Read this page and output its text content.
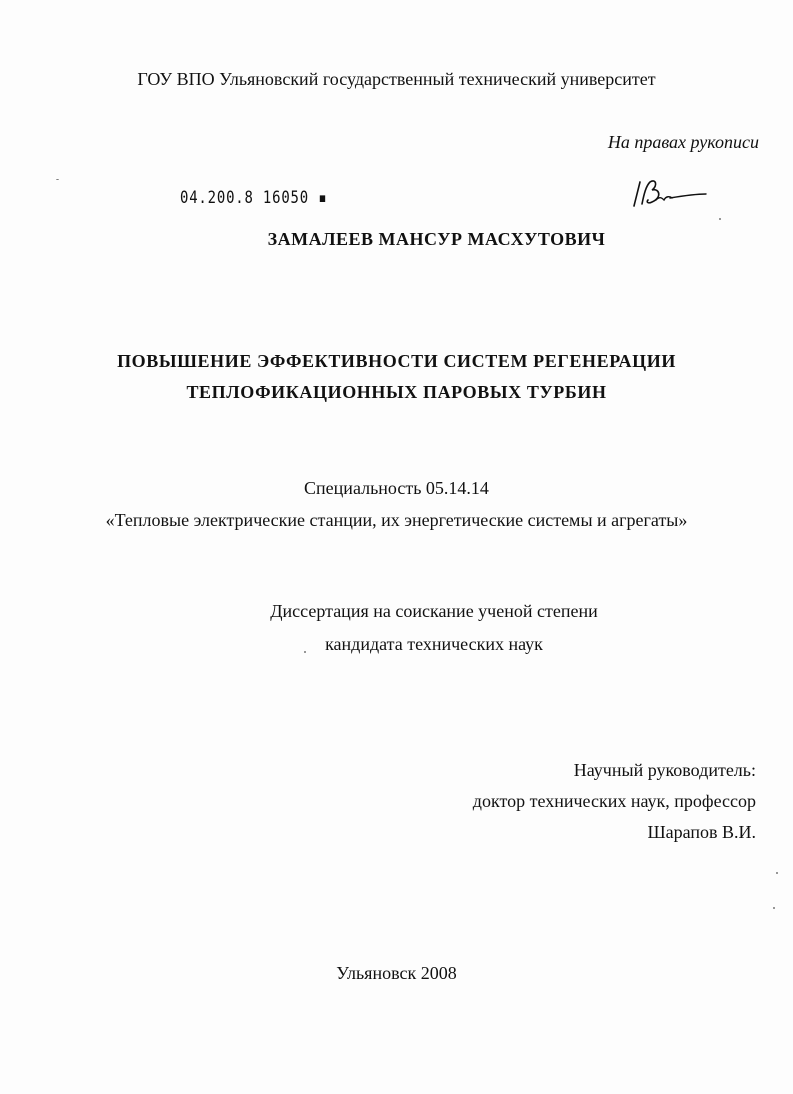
ГОУ ВПО Ульяновский государственный технический университет
На правах рукописи
04.200.8 16050 ▪
ЗАМАЛЕЕВ МАНСУР МАСХУТОВИЧ
ПОВЫШЕНИЕ ЭФФЕКТИВНОСТИ СИСТЕМ РЕГЕНЕРАЦИИ
ТЕПЛОФИКАЦИОННЫХ ПАРОВЫХ ТУРБИН
Специальность 05.14.14
«Тепловые электрические станции, их энергетические системы и агрегаты»
Диссертация на соискание ученой степени
кандидата технических наук
Научный руководитель:
доктор технических наук, профессор
Шарапов В.И.
Ульяновск 2008
